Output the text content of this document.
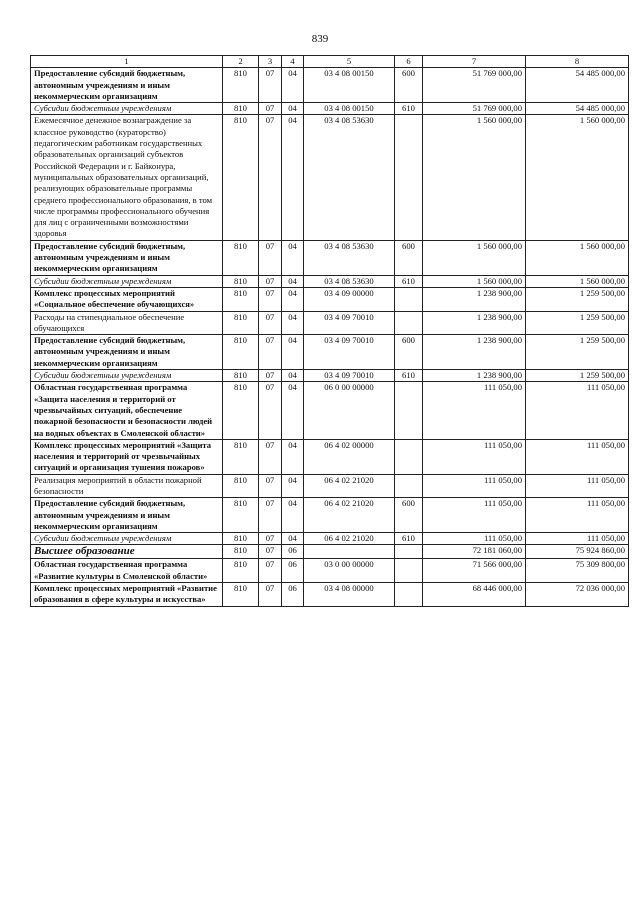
839
1	2	3	4	5	6	7	8
Предоставление субсидий бюджетным, автономным учреждениям и иным некоммерческим организациям	810	07	04	03 4 08 00150	600	51 769 000,00	54 485 000,00
Субсидии бюджетным учреждениям	810	07	04	03 4 08 00150	610	51 769 000,00	54 485 000,00
Ежемесячное денежное вознаграждение за классное руководство (кураторство) педагогическим работникам государственных образовательных организаций субъектов Российской Федерации и г. Байконура, муниципальных образовательных организаций, реализующих образовательные программы среднего профессионального образования, в том числе программы профессионального обучения для лиц с ограниченными возможностями здоровья	810	07	04	03 4 08 53630		1 560 000,00	1 560 000,00
Предоставление субсидий бюджетным, автономным учреждениям и иным некоммерческим организациям	810	07	04	03 4 08 53630	600	1 560 000,00	1 560 000,00
Субсидии бюджетным учреждениям	810	07	04	03 4 08 53630	610	1 560 000,00	1 560 000,00
Комплекс процессных мероприятий «Социальное обеспечение обучающихся»	810	07	04	03 4 09 00000		1 238 900,00	1 259 500,00
Расходы на стипендиальное обеспечение обучающихся	810	07	04	03 4 09 70010		1 238 900,00	1 259 500,00
Предоставление субсидий бюджетным, автономным учреждениям и иным некоммерческим организациям	810	07	04	03 4 09 70010	600	1 238 900,00	1 259 500,00
Субсидии бюджетным учреждениям	810	07	04	03 4 09 70010	610	1 238 900,00	1 259 500,00
Областная государственная программа «Защита населения и территорий от чрезвычайных ситуаций, обеспечение пожарной безопасности и безопасности людей на водных объектах в Смоленской области»	810	07	04	06 0 00 00000		111 050,00	111 050,00
Комплекс процессных мероприятий «Защита населения и территорий от чрезвычайных ситуаций и организация тушения пожаров»	810	07	04	06 4 02 00000		111 050,00	111 050,00
Реализация мероприятий в области пожарной безопасности	810	07	04	06 4 02 21020		111 050,00	111 050,00
Предоставление субсидий бюджетным, автономным учреждениям и иным некоммерческим организациям	810	07	04	06 4 02 21020	600	111 050,00	111 050,00
Субсидии бюджетным учреждениям	810	07	04	06 4 02 21020	610	111 050,00	111 050,00
Высшее образование	810	07	06			72 181 060,00	75 924 860,00
Областная государственная программа «Развитие культуры в Смоленской области»	810	07	06	03 0 00 00000		71 566 000,00	75 309 800,00
Комплекс процессных мероприятий «Развитие образования в сфере культуры и искусства»	810	07	06	03 4 08 00000		68 446 000,00	72 036 000,00
